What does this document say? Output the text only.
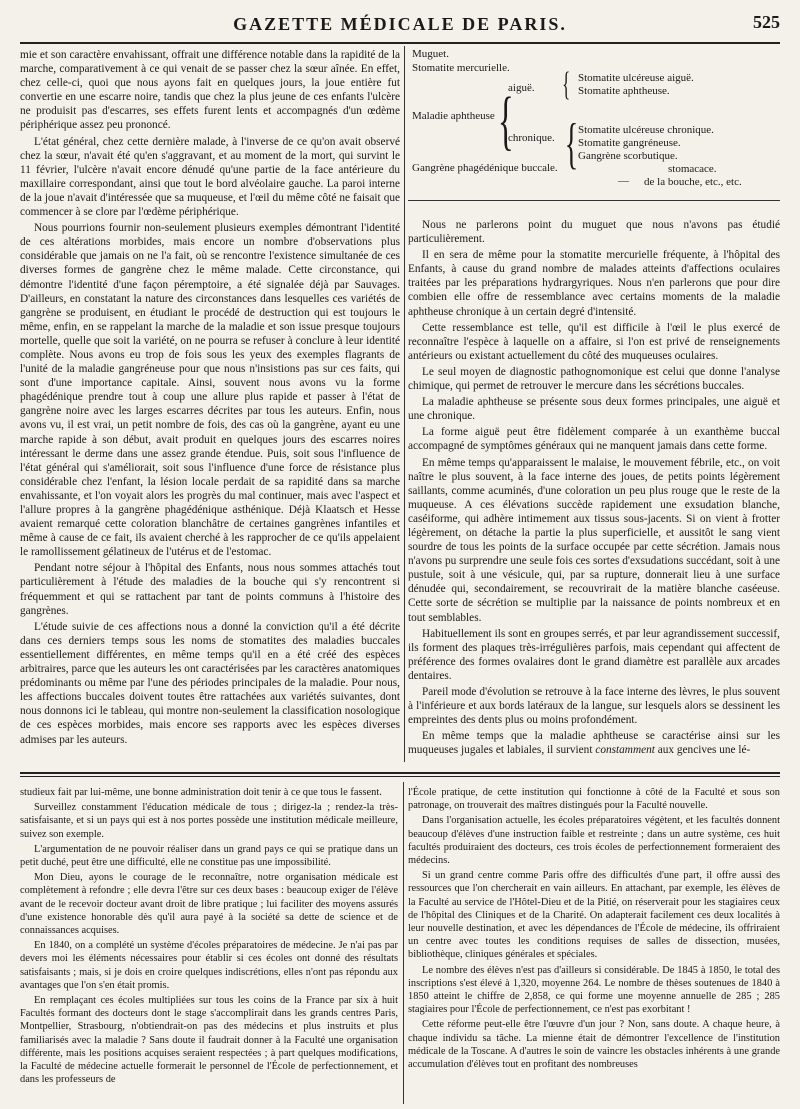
GAZETTE MÉDICALE DE PARIS.	525

mie et son caractère envahissant, offrait une différence notable dans la rapidité de la marche, comparativement à ce qui venait de se passer chez la sœur aînée. En effet, chez celle-ci, quoi que nous ayons fait en quelques jours, la joue entière fut convertie en une escarre noire, tandis que chez la plus jeune de ces enfants l'ulcère ne produisit pas d'escarres, ses effets furent lents et accompagnés d'un œdème périphérique assez peu prononcé.

L'état général, chez cette dernière malade, à l'inverse de ce qu'on avait observé chez la sœur, n'avait été qu'en s'aggravant, et au moment de la mort, qui survint le 11 février, l'ulcère n'avait encore dénudé qu'une partie de la face antérieure du maxillaire correspondant, ainsi que tout le bord alvéolaire gauche. La paroi interne de la joue n'avait d'intéressée que sa muqueuse, et l'œil du même côté ne faisait que commencer à se clore par l'œdème périphérique.

Nous pourrions fournir non-seulement plusieurs exemples démontrant l'identité de ces altérations morbides, mais encore un nombre d'observations plus considérable que jamais on ne l'a fait, où se rencontre l'existence simultanée de ces diverses formes de gangrène chez le même malade. Cette circonstance, qui démontre l'identité d'une façon péremptoire, a été signalée déjà par Sauvages. D'ailleurs, en constatant la nature des circonstances dans lesquelles ces variétés de gangrène se produisent, en étudiant le procédé de destruction qui est toujours le même, enfin, en se rappelant la marche de la maladie et son issue presque toujours mortelle, quelle que soit la variété, on ne pourra se refuser à conclure à leur identité complète. Nous avons eu trop de fois sous les yeux des exemples flagrants de l'unité de la maladie gangréneuse pour que nous n'insistions pas sur ces faits, qui sont d'une importance capitale. Ainsi, souvent nous avons vu la forme phagédénique prendre tout à coup une allure plus rapide et passer à l'état de gangrène noire avec les larges escarres décrites par tous les auteurs. Enfin, nous avons vu, il est vrai, un petit nombre de fois, des cas où la gangrène, ayant eu une marche rapide à son début, avait produit en quelques jours des escarres noires intéressant le derme dans une assez grande étendue. Puis, soit sous l'influence de l'état général qui s'améliorait, soit sous l'influence d'une force de résistance plus considérable chez l'enfant, la lésion locale perdait de sa rapidité dans sa marche envahissante, et l'on voyait alors les progrès du mal continuer, mais avec l'aspect et l'allure propres à la gangrène phagédénique asthénique. Déjà Klaatsch et Hesse avaient remarqué cette coloration blanchâtre de certaines gangrènes infantiles et même à cause de ce fait, ils avaient cherché à les rapprocher de ce qu'ils appelaient le ramollissement gélatineux de l'utérus et de l'estomac.

Pendant notre séjour à l'hôpital des Enfants, nous nous sommes attachés tout particulièrement à l'étude des maladies de la bouche qui s'y rencontrent si fréquemment et qui se rattachent par tant de points communs à l'histoire des gangrènes.

L'étude suivie de ces affections nous a donné la conviction qu'il a été décrite dans ces derniers temps sous les noms de stomatites des maladies buccales essentiellement différentes, en même temps qu'il en a été créé des espèces arbitraires, parce que les auteurs les ont caractérisées par les caractères anatomiques prédominants ou même par l'une des périodes principales de la maladie. Pour nous, les affections buccales doivent toutes être rattachées aux variétés suivantes, dont nous donnons ici le tableau, qui montre non-seulement la classification nosologique de ces espèces morbides, mais encore ses rapports avec les espèces diverses admises par les auteurs.

Muguet.
Stomatite mercurielle.
Maladie aphtheuse {
aiguë.
chronique.
{ Stomatite ulcéreuse aiguë.
Stomatite aphtheuse.
{ Stomatite ulcéreuse chronique.
Stomatite gangréneuse.
Gangrène scorbutique.
stomacace.
Gangrène phagédénique buccale.
— de la bouche, etc., etc.

Nous ne parlerons point du muguet que nous n'avons pas étudié particulièrement.

Il en sera de même pour la stomatite mercurielle fréquente, à l'hôpital des Enfants, à cause du grand nombre de malades atteints d'affections oculaires traitées par les préparations hydrargyriques. Nous n'en parlerons que pour dire combien elle offre de ressemblance avec certains moments de la maladie aphtheuse chronique à un certain degré d'intensité.

Cette ressemblance est telle, qu'il est difficile à l'œil le plus exercé de reconnaître l'espèce à laquelle on a affaire, si l'on est privé de renseignements antérieurs ou existant actuellement du côté des muqueuses oculaires.

Le seul moyen de diagnostic pathognomonique est celui que donne l'analyse chimique, qui permet de retrouver le mercure dans les sécrétions buccales.

La maladie aphtheuse se présente sous deux formes principales, une aiguë et une chronique.

La forme aiguë peut être fidèlement comparée à un exanthème buccal accompagné de symptômes généraux qui ne manquent jamais dans cette forme.

En même temps qu'apparaissent le malaise, le mouvement fébrile, etc., on voit naître le plus souvent, à la face interne des joues, de petits points légèrement saillants, comme acuminés, d'une coloration un peu plus rouge que le reste de la muqueuse. A ces élévations succède rapidement une exsudation blanche, caséiforme, qui adhère intimement aux tissus sous-jacents. Si on vient à frotter légèrement, on détache la partie la plus superficielle, et aussitôt le sang vient sourdre de tous les points de la surface occupée par cette sécrétion. Jamais nous n'avons pu surprendre une seule fois ces sortes d'exsudations succédant, soit à une pustule, soit à une vésicule, qui, par sa rupture, donnerait lieu à une surface dénudée qui, secondairement, se recouvrirait de la matière blanche caséeuse. Cette sorte de sécrétion se multiplie par la naissance de points nombreux et en tout semblables.

Habituellement ils sont en groupes serrés, et par leur agrandissement successif, ils forment des plaques très-irrégulières parfois, mais cependant qui affectent de préférence des formes ovalaires dont le grand diamètre est parallèle aux arcades dentaires.

Pareil mode d'évolution se retrouve à la face interne des lèvres, le plus souvent à l'inférieure et aux bords latéraux de la langue, sur lesquels alors se dessinent les empreintes des dents plus ou moins profondément.

En même temps que la maladie aphtheuse se caractérise ainsi sur les muqueuses jugales et labiales, il survient constamment aux gencives une lé-

studieux fait par lui-même, une bonne administration doit tenir à ce que tous le fassent.

Surveillez constamment l'éducation médicale de tous ; dirigez-la ; rendez-la très-satisfaisante, et si un pays qui est à nos portes possède une institution médicale meilleure, suivez son exemple.

L'argumentation de ne pouvoir réaliser dans un grand pays ce qui se pratique dans un petit duché, peut être une difficulté, elle ne constitue pas une impossibilité.

Mon Dieu, ayons le courage de le reconnaître, notre organisation médicale est complètement à refondre ; elle devra l'être sur ces deux bases : beaucoup exiger de l'élève avant de le recevoir docteur avant droit de libre pratique ; lui faciliter des moyens assurés d'une existence honorable dès qu'il aura payé à la société sa dette de science et de connaissances acquises.

En 1840, on a complété un système d'écoles préparatoires de médecine. Je n'ai pas par devers moi les éléments nécessaires pour établir si ces écoles ont donné des résultats satisfaisants ; mais, si je dois en croire quelques indiscrétions, elles n'ont pas répondu aux avantages que l'on s'en était promis.

En remplaçant ces écoles multipliées sur tous les coins de la France par six à huit Facultés formant des docteurs dont le stage s'accomplirait dans les grands centres Paris, Montpellier, Strasbourg, n'obtiendrait-on pas des médecins et plus instruits et plus familiarisés avec la maladie ? Sans doute il faudrait donner à la Faculté une organisation différente, mais les positions acquises seraient respectées ; à part quelques modifications, la Faculté de médecine actuelle formerait le personnel de l'École de perfectionnement, et dans les professeurs de

l'École pratique, de cette institution qui fonctionne à côté de la Faculté et sous son patronage, on trouverait des maîtres distingués pour la Faculté nouvelle.

Dans l'organisation actuelle, les écoles préparatoires végètent, et les facultés donnent beaucoup d'élèves d'une instruction faible et restreinte ; dans un autre système, ces huit facultés produiraient des docteurs, ces trois écoles de perfectionnement formeraient des médecins.

Si un grand centre comme Paris offre des difficultés d'une part, il offre aussi des ressources que l'on chercherait en vain ailleurs. En attachant, par exemple, les élèves de la Faculté au service de l'Hôtel-Dieu et de la Pitié, on réserverait pour les stagiaires ceux de l'hôpital des Cliniques et de la Charité. On adapterait facilement ces deux localités à leur nouvelle destination, et avec les dépendances de l'École de médecine, ils offriraient un centre avec toutes les conditions requises de salles de dissection, musées, bibliothèque, cliniques générales et spéciales.

Le nombre des élèves n'est pas d'ailleurs si considérable. De 1845 à 1850, le total des inscriptions s'est élevé à 1,320, moyenne 264. Le nombre de thèses soutenues de 1840 à 1850 atteint le chiffre de 2,858, ce qui forme une moyenne annuelle de 285 ; 285 stagiaires pour l'École de perfectionnement, ce n'est pas exorbitant !

Cette réforme peut-elle être l'œuvre d'un jour ? Non, sans doute. A chaque heure, à chaque individu sa tâche. La mienne était de démontrer l'excellence de l'institution médicale de la Toscane. A d'autres le soin de vaincre les obstacles inhérents à une grande accumulation d'élèves tout en profitant des nombreuses
